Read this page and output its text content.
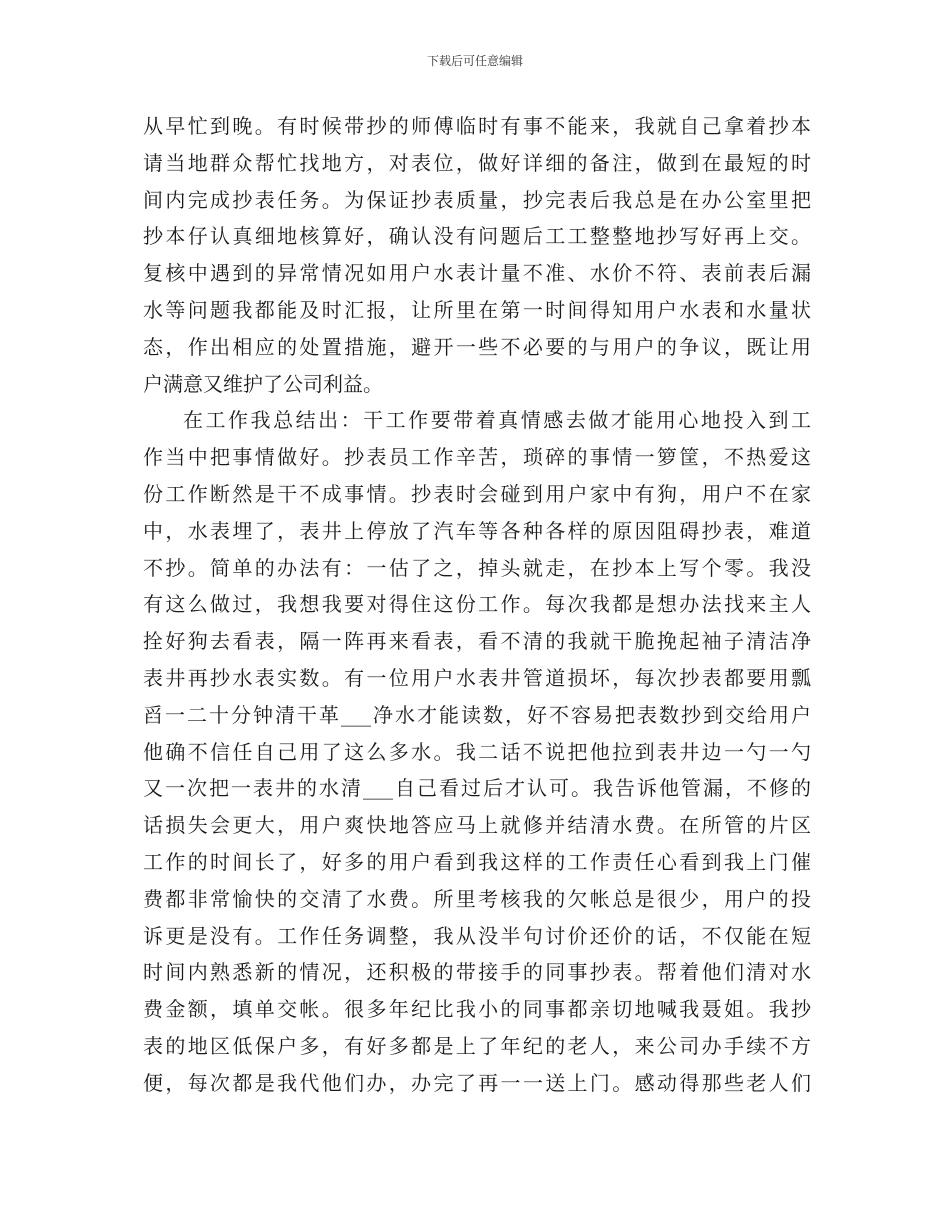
下载后可任意编辑
从早忙到晚。有时候带抄的师傅临时有事不能来，我就自己拿着抄本
请当地群众帮忙找地方，对表位，做好详细的备注，做到在最短的时
间内完成抄表任务。为保证抄表质量，抄完表后我总是在办公室里把
抄本仔认真细地核算好，确认没有问题后工工整整地抄写好再上交。
复核中遇到的异常情况如用户水表计量不准、水价不符、表前表后漏
水等问题我都能及时汇报，让所里在第一时间得知用户水表和水量状
态，作出相应的处置措施，避开一些不必要的与用户的争议，既让用
户满意又维护了公司利益。
在工作我总结出：干工作要带着真情感去做才能用心地投入到工
作当中把事情做好。抄表员工作辛苦，琐碎的事情一箩筐，不热爱这
份工作断然是干不成事情。抄表时会碰到用户家中有狗，用户不在家
中，水表埋了，表井上停放了汽车等各种各样的原因阻碍抄表，难道
不抄。简单的办法有：一估了之，掉头就走，在抄本上写个零。我没
有这么做过，我想我要对得住这份工作。每次我都是想办法找来主人
拴好狗去看表，隔一阵再来看表，看不清的我就干脆挽起袖子清洁净
表井再抄水表实数。有一位用户水表井管道损坏，每次抄表都要用瓢
舀一二十分钟清干革___净水才能读数，好不容易把表数抄到交给用户
他确不信任自己用了这么多水。我二话不说把他拉到表井边一勺一勺
又一次把一表井的水清___自己看过后才认可。我告诉他管漏，不修的
话损失会更大，用户爽快地答应马上就修并结清水费。在所管的片区
工作的时间长了，好多的用户看到我这样的工作责任心看到我上门催
费都非常愉快的交清了水费。所里考核我的欠帐总是很少，用户的投
诉更是没有。工作任务调整，我从没半句讨价还价的话，不仅能在短
时间内熟悉新的情况，还积极的带接手的同事抄表。帮着他们清对水
费金额，填单交帐。很多年纪比我小的同事都亲切地喊我聂姐。我抄
表的地区低保户多，有好多都是上了年纪的老人，来公司办手续不方
便，每次都是我代他们办，办完了再一一送上门。感动得那些老人们
